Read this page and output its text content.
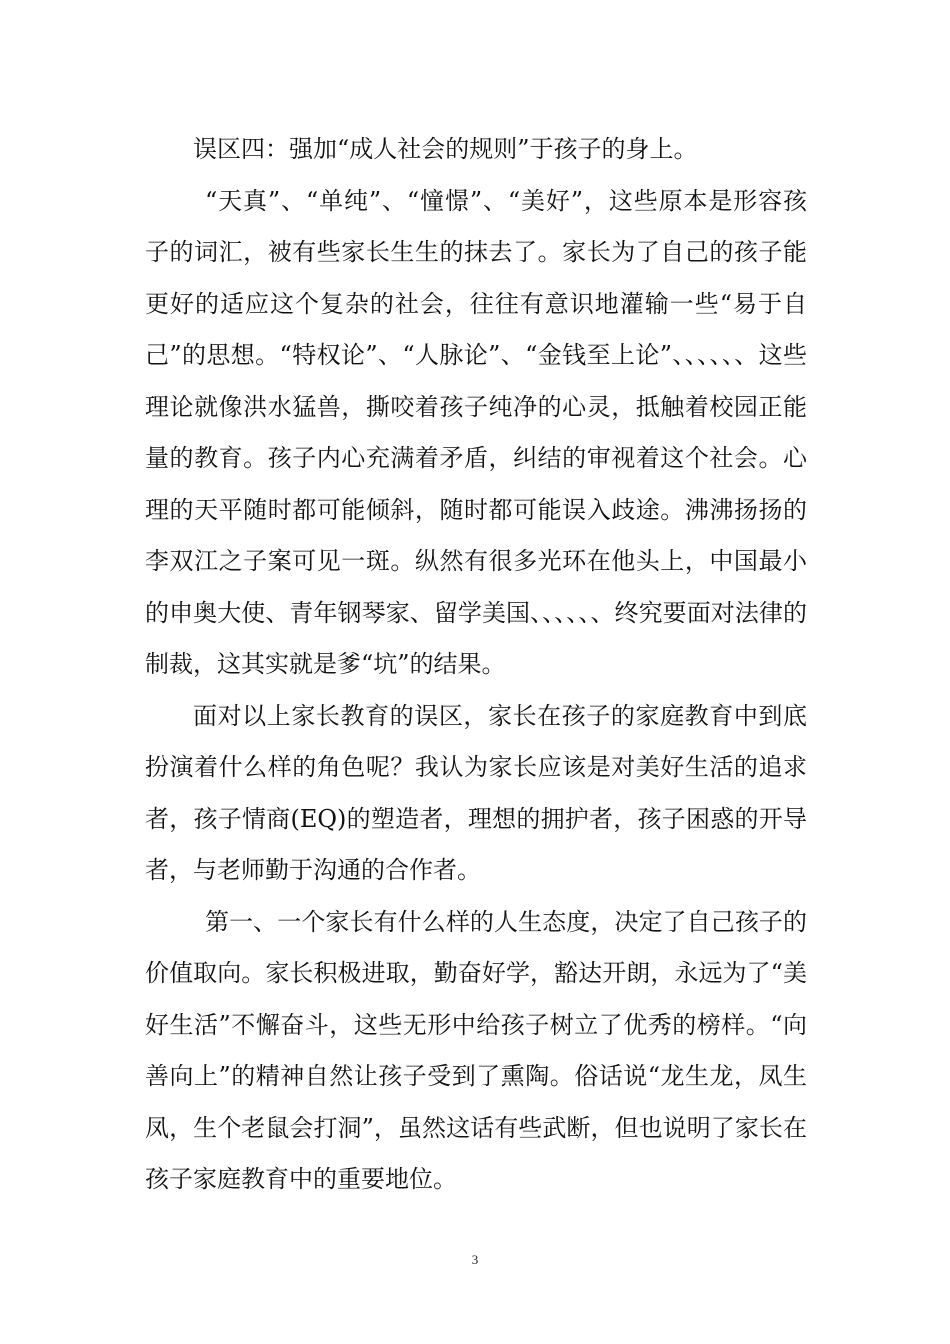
误区四：强加“成人社会的规则”于孩子的身上。

“天真”、“单纯”、“憧憬”、“美好”，这些原本是形容孩子的词汇，被有些家长生生的抹去了。家长为了自己的孩子能更好的适应这个复杂的社会，往往有意识地灌输一些“易于自己”的思想。“特权论”、“人脉论”、“金钱至上论”、、、、、、这些理论就像洪水猛兽，撕咬着孩子纯净的心灵，抵触着校园正能量的教育。孩子内心充满着矛盾，纠结的审视着这个社会。心理的天平随时都可能倾斜，随时都可能误入歧途。沸沸扬扬的李双江之子案可见一斑。纵然有很多光环在他头上，中国最小的申奥大使、青年钢琴家、留学美国、、、、、、终究要面对法律的制裁，这其实就是爹“坑”的结果。

面对以上家长教育的误区，家长在孩子的家庭教育中到底扮演着什么样的角色呢？我认为家长应该是对美好生活的追求者，孩子情商(EQ)的塑造者，理想的拥护者，孩子困惑的开导者，与老师勤于沟通的合作者。

第一、一个家长有什么样的人生态度，决定了自己孩子的价值取向。家长积极进取，勤奋好学，豁达开朗，永远为了“美好生活”不懈奋斗，这些无形中给孩子树立了优秀的榜样。“向善向上”的精神自然让孩子受到了熏陶。俗话说“龙生龙，凤生凤，生个老鼠会打洞”，虽然这话有些武断，但也说明了家长在孩子家庭教育中的重要地位。

3
